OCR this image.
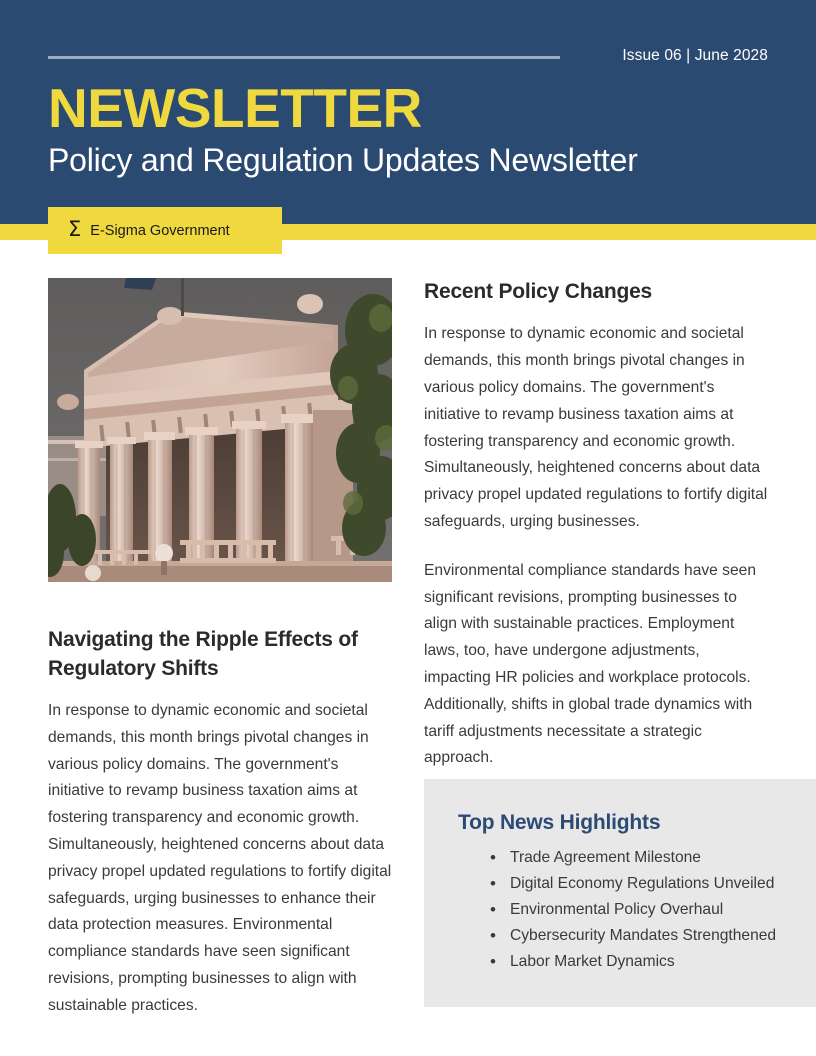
Issue 06 | June 2028
NEWSLETTER
Policy and Regulation Updates Newsletter
Σ E-Sigma Government
Navigating the Ripple Effects of Regulatory Shifts
In response to dynamic economic and societal demands, this month brings pivotal changes in various policy domains. The government's initiative to revamp business taxation aims at fostering transparency and economic growth. Simultaneously, heightened concerns about data privacy propel updated regulations to fortify digital safeguards, urging businesses to enhance their data protection measures. Environmental compliance standards have seen significant revisions, prompting businesses to align with sustainable practices.
Recent Policy Changes
In response to dynamic economic and societal demands, this month brings pivotal changes in various policy domains. The government's initiative to revamp business taxation aims at fostering transparency and economic growth. Simultaneously, heightened concerns about data privacy propel updated regulations to fortify digital safeguards, urging businesses.
Environmental compliance standards have seen significant revisions, prompting businesses to align with sustainable practices. Employment laws, too, have undergone adjustments, impacting HR policies and workplace protocols. Additionally, shifts in global trade dynamics with tariff adjustments necessitate a strategic approach.
Top News Highlights
• Trade Agreement Milestone
• Digital Economy Regulations Unveiled
• Environmental Policy Overhaul
• Cybersecurity Mandates Strengthened
• Labor Market Dynamics
